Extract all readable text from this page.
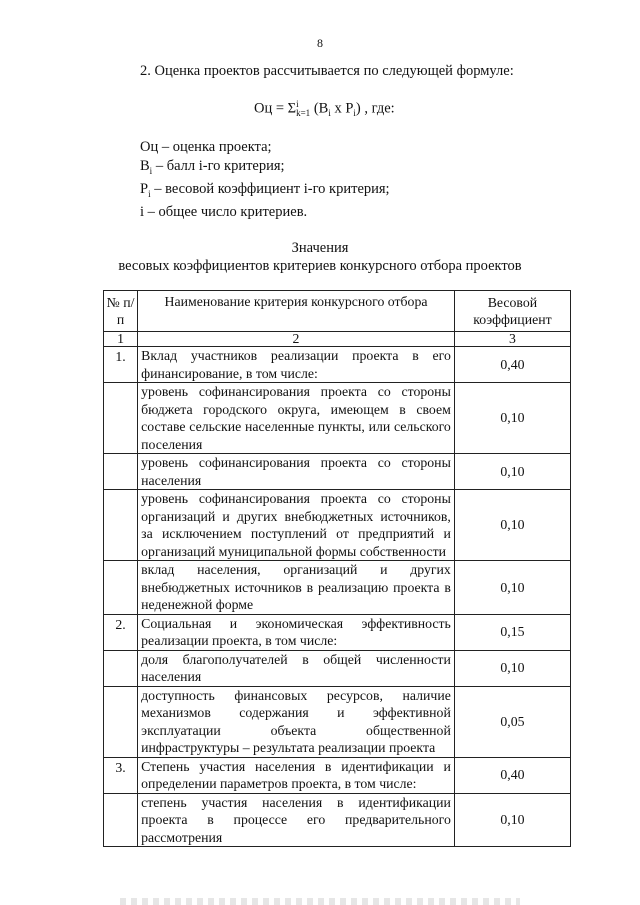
8
2. Оценка проектов рассчитывается по следующей формуле:
Оц = Σ i
k=1 ($B_i$ x $P_i$) , где:
Оц – оценка проекта;
$B_i$ – балл i-го критерия;
$P_i$ – весовой коэффициент i-го критерия;
i – общее число критериев.
Значения
весовых коэффициентов критериев конкурсного отбора проектов
№ п/п	Наименование критерия конкурсного отбора	Весовой коэффициент
1	2	3
1.	Вклад участников реализации проекта в его финансирование, в том числе:	0,40
	уровень софинансирования проекта со стороны бюджета городского округа, имеющем в своем составе сельские населенные пункты, или сельского поселения	0,10
	уровень софинансирования проекта со стороны населения	0,10
	уровень софинансирования проекта со стороны организаций и других внебюджетных источников, за исключением поступлений от предприятий и организаций муниципальной формы собственности	0,10
	вклад населения, организаций и других внебюджетных источников в реализацию проекта в неденежной форме	0,10
2.	Социальная и экономическая эффективность реализации проекта, в том числе:	0,15
	доля благополучателей в общей численности населения	0,10
	доступность финансовых ресурсов, наличие механизмов содержания и эффективной эксплуатации объекта общественной инфраструктуры – результата реализации проекта	0,05
3.	Степень участия населения в идентификации и определении параметров проекта, в том числе:	0,40
	степень участия населения в идентификации проекта в процессе его предварительного рассмотрения	0,10
